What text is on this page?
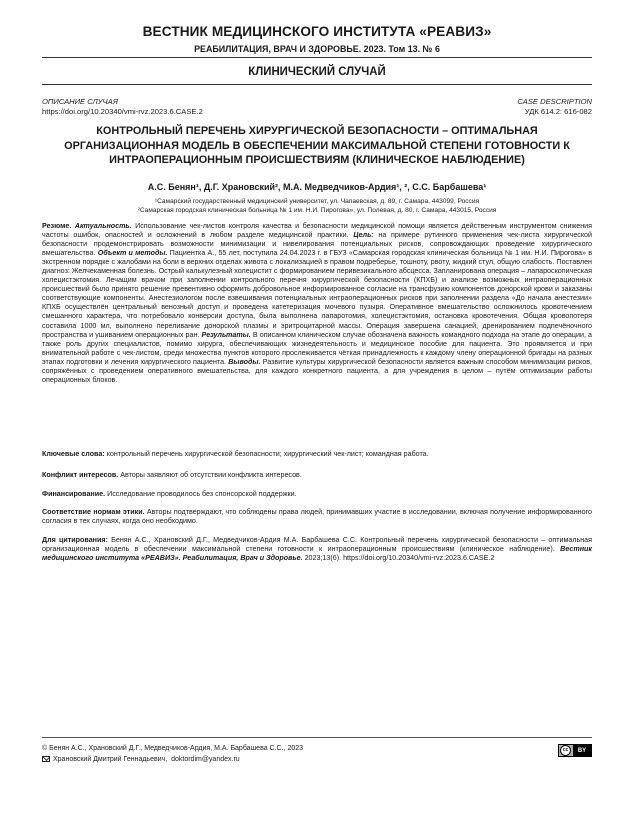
ВЕСТНИК МЕДИЦИНСКОГО ИНСТИТУТА «РЕАВИЗ»
РЕАБИЛИТАЦИЯ, ВРАЧ И ЗДОРОВЬЕ. 2023. Том 13. № 6
КЛИНИЧЕСКИЙ СЛУЧАЙ
ОПИСАНИЕ СЛУЧАЯ
https://doi.org/10.20340/vmi-rvz.2023.6.CASE.2
CASE DESCRIPTION
УДК 614.2: 616-082
КОНТРОЛЬНЫЙ ПЕРЕЧЕНЬ ХИРУРГИЧЕСКОЙ БЕЗОПАСНОСТИ – ОПТИМАЛЬНАЯ ОРГАНИЗАЦИОННАЯ МОДЕЛЬ В ОБЕСПЕЧЕНИИ МАКСИМАЛЬНОЙ СТЕПЕНИ ГОТОВНОСТИ К ИНТРАОПЕРАЦИОННЫМ ПРОИСШЕСТВИЯМ (КЛИНИЧЕСКОЕ НАБЛЮДЕНИЕ)
А.С. Бенян¹, Д.Г. Храновский², М.А. Медведчиков-Ардия¹, ², С.С. Барбашева¹
¹Самарский государственный медицинский университет, ул. Чапаевская, д. 89, г. Самара, 443099, Россия
²Самарская городская клиническая больница № 1 им. Н.И. Пирогова», ул. Полевая, д. 80, г. Самара, 443015, Россия
Резюме. Актуальность. Использование чек-листов контроля качества и безопасности медицинской помощи является действенным инструментом снижения частоты ошибок, опасностей и осложнений в любом разделе медицинской практики. Цель: на примере рутинного применения чек-листа хирургической безопасности продемонстрировать возможности минимизации и нивелирования потенциальных рисков, сопровождающих проведение хирургического вмешательства. Объект и методы. Пациентка А., 55 лет, поступила 24.04.2023 г. в ГБУЗ «Самарская городская клиническая больница № 1 им. Н.И. Пирогова» в экстренном порядке с жалобами на боли в верхних отделах живота с локализацией в правом подреберье, тошноту, рвоту, жидкий стул, общую слабость. Поставлен диагноз: Желчекаменная болезнь. Острый калькулезный холецистит с формированием перивезикального абсцесса. Запланирована операция – лапароскопическая холецистэктомия. Лечащим врачом при заполнении контрольного перечня хирургической безопасности (КПХБ) и анализе возможных интраоперационных происшествий было принято решение превентивно оформить добровольное информированное согласие на трансфузию компонентов донорской крови и заказаны соответствующие компоненты. Анестезиологом после взвешивания потенциальных интраоперационных рисков при заполнении раздела «До начала анестезии» КПХБ осуществлён центральный венозный доступ и проведена катетеризация мочевого пузыря. Оперативное вмешательство осложнилось кровотечением смешанного характера, что потребовало конверсии доступа, была выполнена лапаротомия, холецистэктомия, остановка кровотечения. Общая кровопотеря составила 1000 мл, выполнено переливание донорской плазмы и эритроцитарной массы. Операция завершена санацией, дренированием подпечёночного пространства и ушиванием операционных ран. Результаты. В описанном клиническом случае обозначена важность командного подхода на этапе до операции, а также роль других специалистов, помимо хирурга, обеспечивающих жизнедеятельность и медицинское пособие для пациента. Это проявляется и при внимательной работе с чек-листом, среди множества пунктов которого прослеживается чёткая принадлежность к каждому члену операционной бригады на разных этапах подготовки и лечения хирургического пациента. Выводы. Развитие культуры хирургической безопасности является важным способом минимизации рисков, сопряжённых с проведением оперативного вмешательства, для каждого конкретного пациента, а для учреждения в целом – путём оптимизации работы операционных блоков.
Ключевые слова: контрольный перечень хирургической безопасности; хирургический чек-лист; командная работа.
Конфликт интересов. Авторы заявляют об отсутствии конфликта интересов.
Финансирование. Исследование проводилось без спонсорской поддержки.
Соответствие нормам этики. Авторы подтверждают, что соблюдены права людей, принимавших участие в исследовании, включая получение информированного согласия в тех случаях, когда оно необходимо.
Для цитирования: Бенян А.С., Храновский Д.Г., Медведчиков-Ардия М.А. Барбашева С.С. Контрольный перечень хирургической безопасности – оптимальная организационная модель в обеспечении максимальной степени готовности к интраоперационным происшествиям (клиническое наблюдение). Вестник медицинского института «РЕАВИЗ». Реабилитация, Врач и Здоровье. 2023;13(6). https://doi.org/10.20340/vmi-rvz.2023.6.CASE.2
© Бенян А.С., Храновский Д.Г., Медведчиков-Ардия, М.А. Барбашева С.С., 2023
Храновский Дмитрий Геннадьевич, doktordim@yandex.ru
cc	BY
